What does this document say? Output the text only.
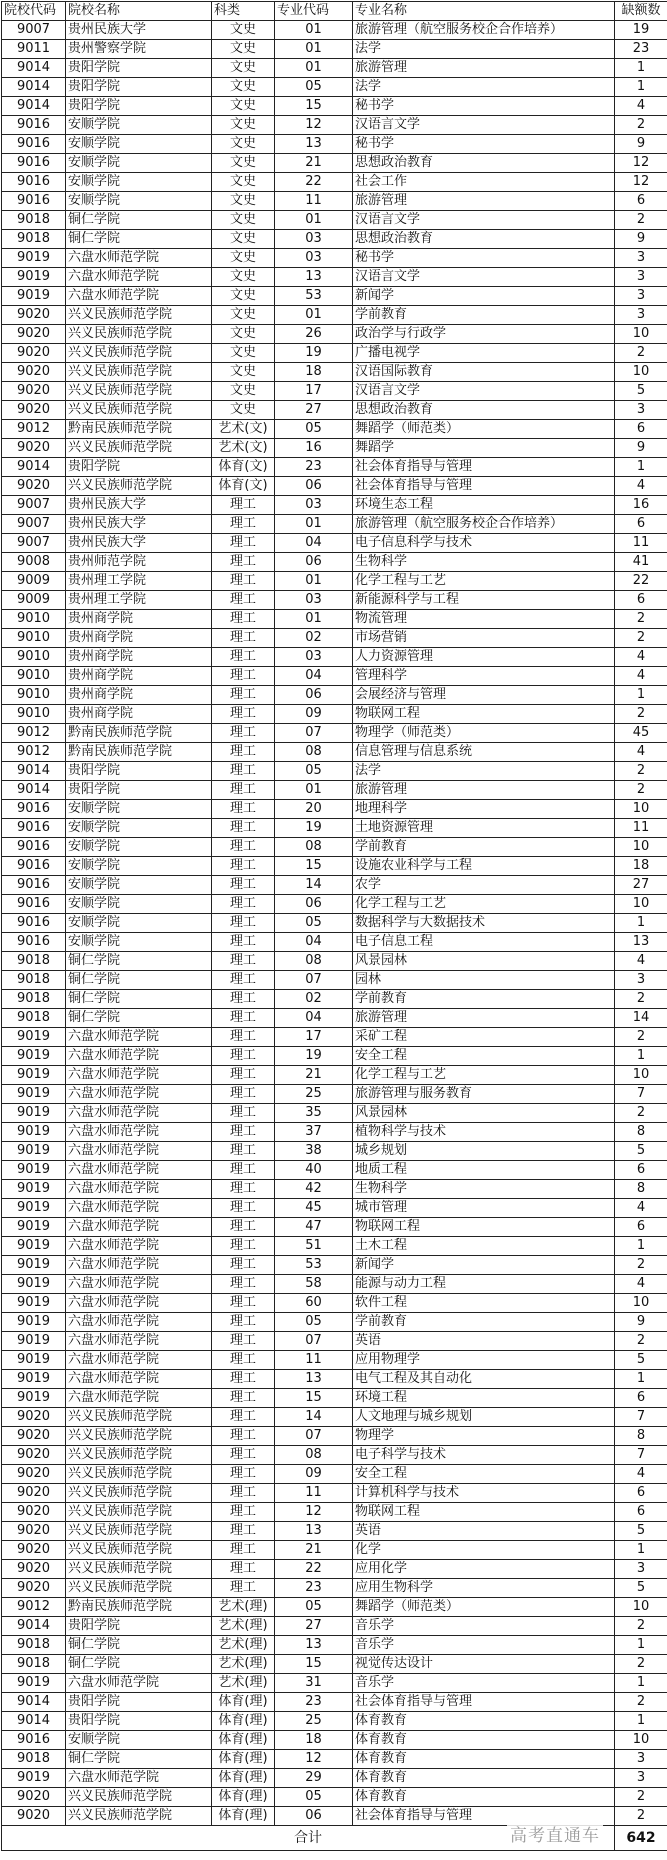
院校代码	院校名称	科类	专业代码	专业名称	缺额数
9007	贵州民族大学	文史	01	旅游管理（航空服务校企合作培养）	19
9011	贵州警察学院	文史	01	法学	23
9014	贵阳学院	文史	01	旅游管理	1
9014	贵阳学院	文史	05	法学	1
9014	贵阳学院	文史	15	秘书学	4
9016	安顺学院	文史	12	汉语言文学	2
9016	安顺学院	文史	13	秘书学	9
9016	安顺学院	文史	21	思想政治教育	12
9016	安顺学院	文史	22	社会工作	12
9016	安顺学院	文史	11	旅游管理	6
9018	铜仁学院	文史	01	汉语言文学	2
9018	铜仁学院	文史	03	思想政治教育	9
9019	六盘水师范学院	文史	03	秘书学	3
9019	六盘水师范学院	文史	13	汉语言文学	3
9019	六盘水师范学院	文史	53	新闻学	3
9020	兴义民族师范学院	文史	01	学前教育	3
9020	兴义民族师范学院	文史	26	政治学与行政学	10
9020	兴义民族师范学院	文史	19	广播电视学	2
9020	兴义民族师范学院	文史	18	汉语国际教育	10
9020	兴义民族师范学院	文史	17	汉语言文学	5
9020	兴义民族师范学院	文史	27	思想政治教育	3
9012	黔南民族师范学院	艺术(文)	05	舞蹈学（师范类）	6
9020	兴义民族师范学院	艺术(文)	16	舞蹈学	9
9014	贵阳学院	体育(文)	23	社会体育指导与管理	1
9020	兴义民族师范学院	体育(文)	06	社会体育指导与管理	4
9007	贵州民族大学	理工	03	环境生态工程	16
9007	贵州民族大学	理工	01	旅游管理（航空服务校企合作培养）	6
9007	贵州民族大学	理工	04	电子信息科学与技术	11
9008	贵州师范学院	理工	06	生物科学	41
9009	贵州理工学院	理工	01	化学工程与工艺	22
9009	贵州理工学院	理工	03	新能源科学与工程	6
9010	贵州商学院	理工	01	物流管理	2
9010	贵州商学院	理工	02	市场营销	2
9010	贵州商学院	理工	03	人力资源管理	4
9010	贵州商学院	理工	04	管理科学	4
9010	贵州商学院	理工	06	会展经济与管理	1
9010	贵州商学院	理工	09	物联网工程	2
9012	黔南民族师范学院	理工	07	物理学（师范类）	45
9012	黔南民族师范学院	理工	08	信息管理与信息系统	4
9014	贵阳学院	理工	05	法学	2
9014	贵阳学院	理工	01	旅游管理	2
9016	安顺学院	理工	20	地理科学	10
9016	安顺学院	理工	19	土地资源管理	11
9016	安顺学院	理工	08	学前教育	10
9016	安顺学院	理工	15	设施农业科学与工程	18
9016	安顺学院	理工	14	农学	27
9016	安顺学院	理工	06	化学工程与工艺	10
9016	安顺学院	理工	05	数据科学与大数据技术	1
9016	安顺学院	理工	04	电子信息工程	13
9018	铜仁学院	理工	08	风景园林	4
9018	铜仁学院	理工	07	园林	3
9018	铜仁学院	理工	02	学前教育	2
9018	铜仁学院	理工	04	旅游管理	14
9019	六盘水师范学院	理工	17	采矿工程	2
9019	六盘水师范学院	理工	19	安全工程	1
9019	六盘水师范学院	理工	21	化学工程与工艺	10
9019	六盘水师范学院	理工	25	旅游管理与服务教育	7
9019	六盘水师范学院	理工	35	风景园林	2
9019	六盘水师范学院	理工	37	植物科学与技术	8
9019	六盘水师范学院	理工	38	城乡规划	5
9019	六盘水师范学院	理工	40	地质工程	6
9019	六盘水师范学院	理工	42	生物科学	8
9019	六盘水师范学院	理工	45	城市管理	4
9019	六盘水师范学院	理工	47	物联网工程	6
9019	六盘水师范学院	理工	51	土木工程	1
9019	六盘水师范学院	理工	53	新闻学	2
9019	六盘水师范学院	理工	58	能源与动力工程	4
9019	六盘水师范学院	理工	60	软件工程	10
9019	六盘水师范学院	理工	05	学前教育	9
9019	六盘水师范学院	理工	07	英语	2
9019	六盘水师范学院	理工	11	应用物理学	5
9019	六盘水师范学院	理工	13	电气工程及其自动化	1
9019	六盘水师范学院	理工	15	环境工程	6
9020	兴义民族师范学院	理工	14	人文地理与城乡规划	7
9020	兴义民族师范学院	理工	07	物理学	8
9020	兴义民族师范学院	理工	08	电子科学与技术	7
9020	兴义民族师范学院	理工	09	安全工程	4
9020	兴义民族师范学院	理工	11	计算机科学与技术	6
9020	兴义民族师范学院	理工	12	物联网工程	6
9020	兴义民族师范学院	理工	13	英语	5
9020	兴义民族师范学院	理工	21	化学	1
9020	兴义民族师范学院	理工	22	应用化学	3
9020	兴义民族师范学院	理工	23	应用生物科学	5
9012	黔南民族师范学院	艺术(理)	05	舞蹈学（师范类）	10
9014	贵阳学院	艺术(理)	27	音乐学	2
9018	铜仁学院	艺术(理)	13	音乐学	1
9018	铜仁学院	艺术(理)	15	视觉传达设计	2
9019	六盘水师范学院	艺术(理)	31	音乐学	1
9014	贵阳学院	体育(理)	23	社会体育指导与管理	2
9014	贵阳学院	体育(理)	25	体育教育	1
9016	安顺学院	体育(理)	18	体育教育	10
9018	铜仁学院	体育(理)	12	体育教育	3
9019	六盘水师范学院	体育(理)	29	体育教育	3
9020	兴义民族师范学院	体育(理)	05	体育教育	2
9020	兴义民族师范学院	体育(理)	06	社会体育指导与管理	2
合计					642
高考直通车
